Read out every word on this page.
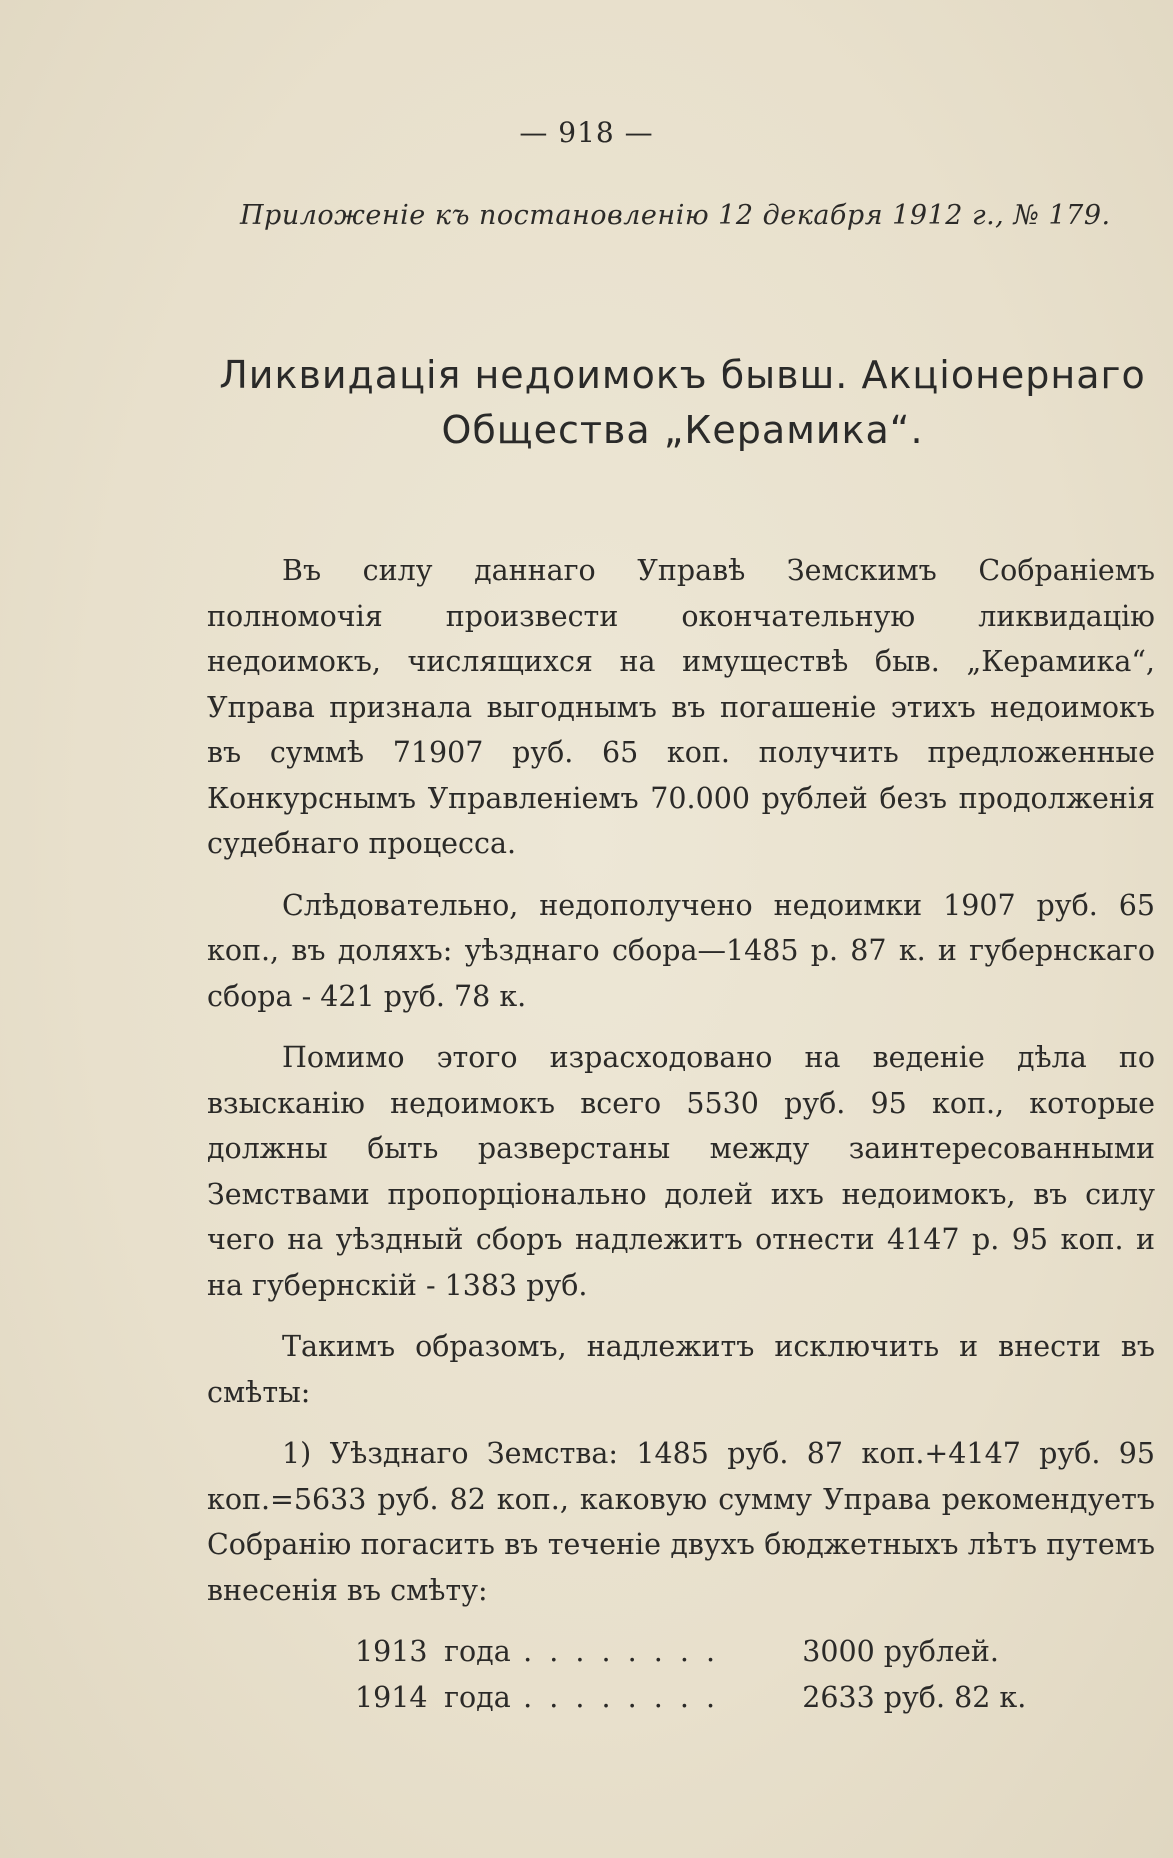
— 918 —
Приложеніе къ постановленію 12 декабря 1912 г., № 179.
Ликвидація недоимокъ бывш. Акціонернаго Общества „Керамика“.

Въ силу даннаго Управѣ Земскимъ Собраніемъ полномочія произвести окончательную ликвидацію недоимокъ, числящихся на имуществѣ быв. „Керамика“, Управа признала выгоднымъ въ погашеніе этихъ недоимокъ въ суммѣ 71907 руб. 65 коп. получить предложенные Конкурснымъ Управленіемъ 70.000 рублей безъ продолженія судебнаго процесса.

Слѣдовательно, недополучено недоимки 1907 руб. 65 коп., въ доляхъ: уѣзднаго сбора—1485 р. 87 к. и губернскаго сбора - 421 руб. 78 к.

Помимо этого израсходовано на веденіе дѣла по взысканію недоимокъ всего 5530 руб. 95 коп., которые должны быть разверстаны между заинтересованными Земствами пропорціонально долей ихъ недоимокъ, въ силу чего на уѣздный сборъ надлежитъ отнести 4147 р. 95 коп. и на губернскій - 1383 руб.

Такимъ образомъ, надлежитъ исключить и внести въ смѣты:

1) Уѣзднаго Земства: 1485 руб. 87 коп.+4147 руб. 95 коп.=5633 руб. 82 коп., каковую сумму Управа рекомендуетъ Собранію погасить въ теченіе двухъ бюджетныхъ лѣтъ путемъ внесенія въ смѣту:

1913 года . . . . . . . .	3000 рублей.
1914 года . . . . . . . .	2633 руб. 82 к.
